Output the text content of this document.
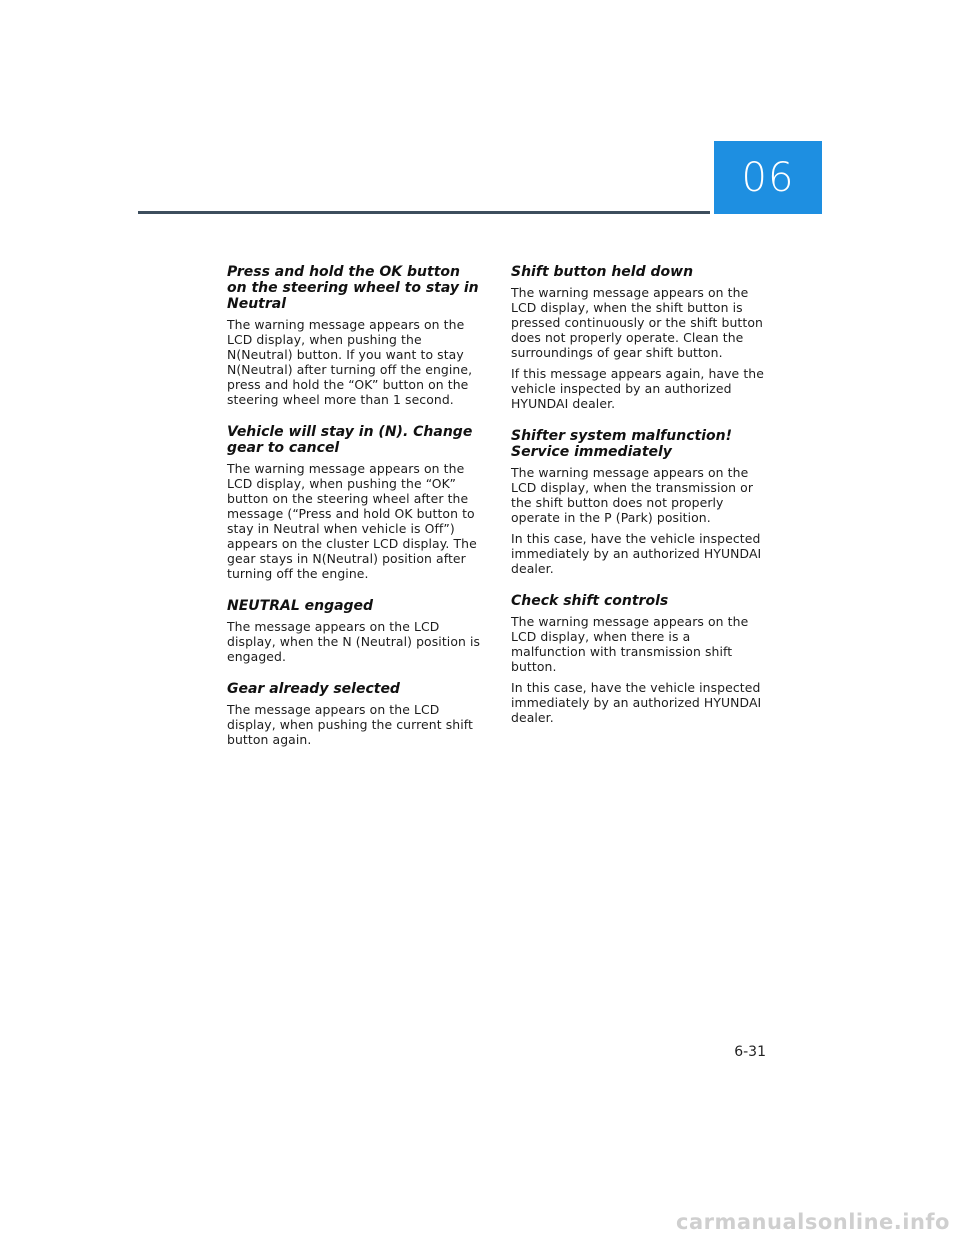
06
Press and hold the OK button on the steering wheel to stay in Neutral

The warning message appears on the LCD display, when pushing the N(Neutral) button. If you want to stay N(Neutral) after turning off the engine, press and hold the “OK” button on the steering wheel more than 1 second.

Vehicle will stay in (N). Change gear to cancel

The warning message appears on the LCD display, when pushing the “OK” button on the steering wheel after the message (“Press and hold OK button to stay in Neutral when vehicle is Off”) appears on the cluster LCD display. The gear stays in N(Neutral) position after turning off the engine.

NEUTRAL engaged

The message appears on the LCD display, when the N (Neutral) position is engaged.

Gear already selected

The message appears on the LCD display, when pushing the current shift button again.

Shift button held down

The warning message appears on the LCD display, when the shift button is pressed continuously or the shift button does not properly operate. Clean the surroundings of gear shift button.

If this message appears again, have the vehicle inspected by an authorized HYUNDAI dealer.

Shifter system malfunction! Service immediately

The warning message appears on the LCD display, when the transmission or the shift button does not properly operate in the P (Park) position.

In this case, have the vehicle inspected immediately by an authorized HYUNDAI dealer.

Check shift controls

The warning message appears on the LCD display, when there is a malfunction with transmission shift button.

In this case, have the vehicle inspected immediately by an authorized HYUNDAI dealer.

6-31
carmanualsonline.info
